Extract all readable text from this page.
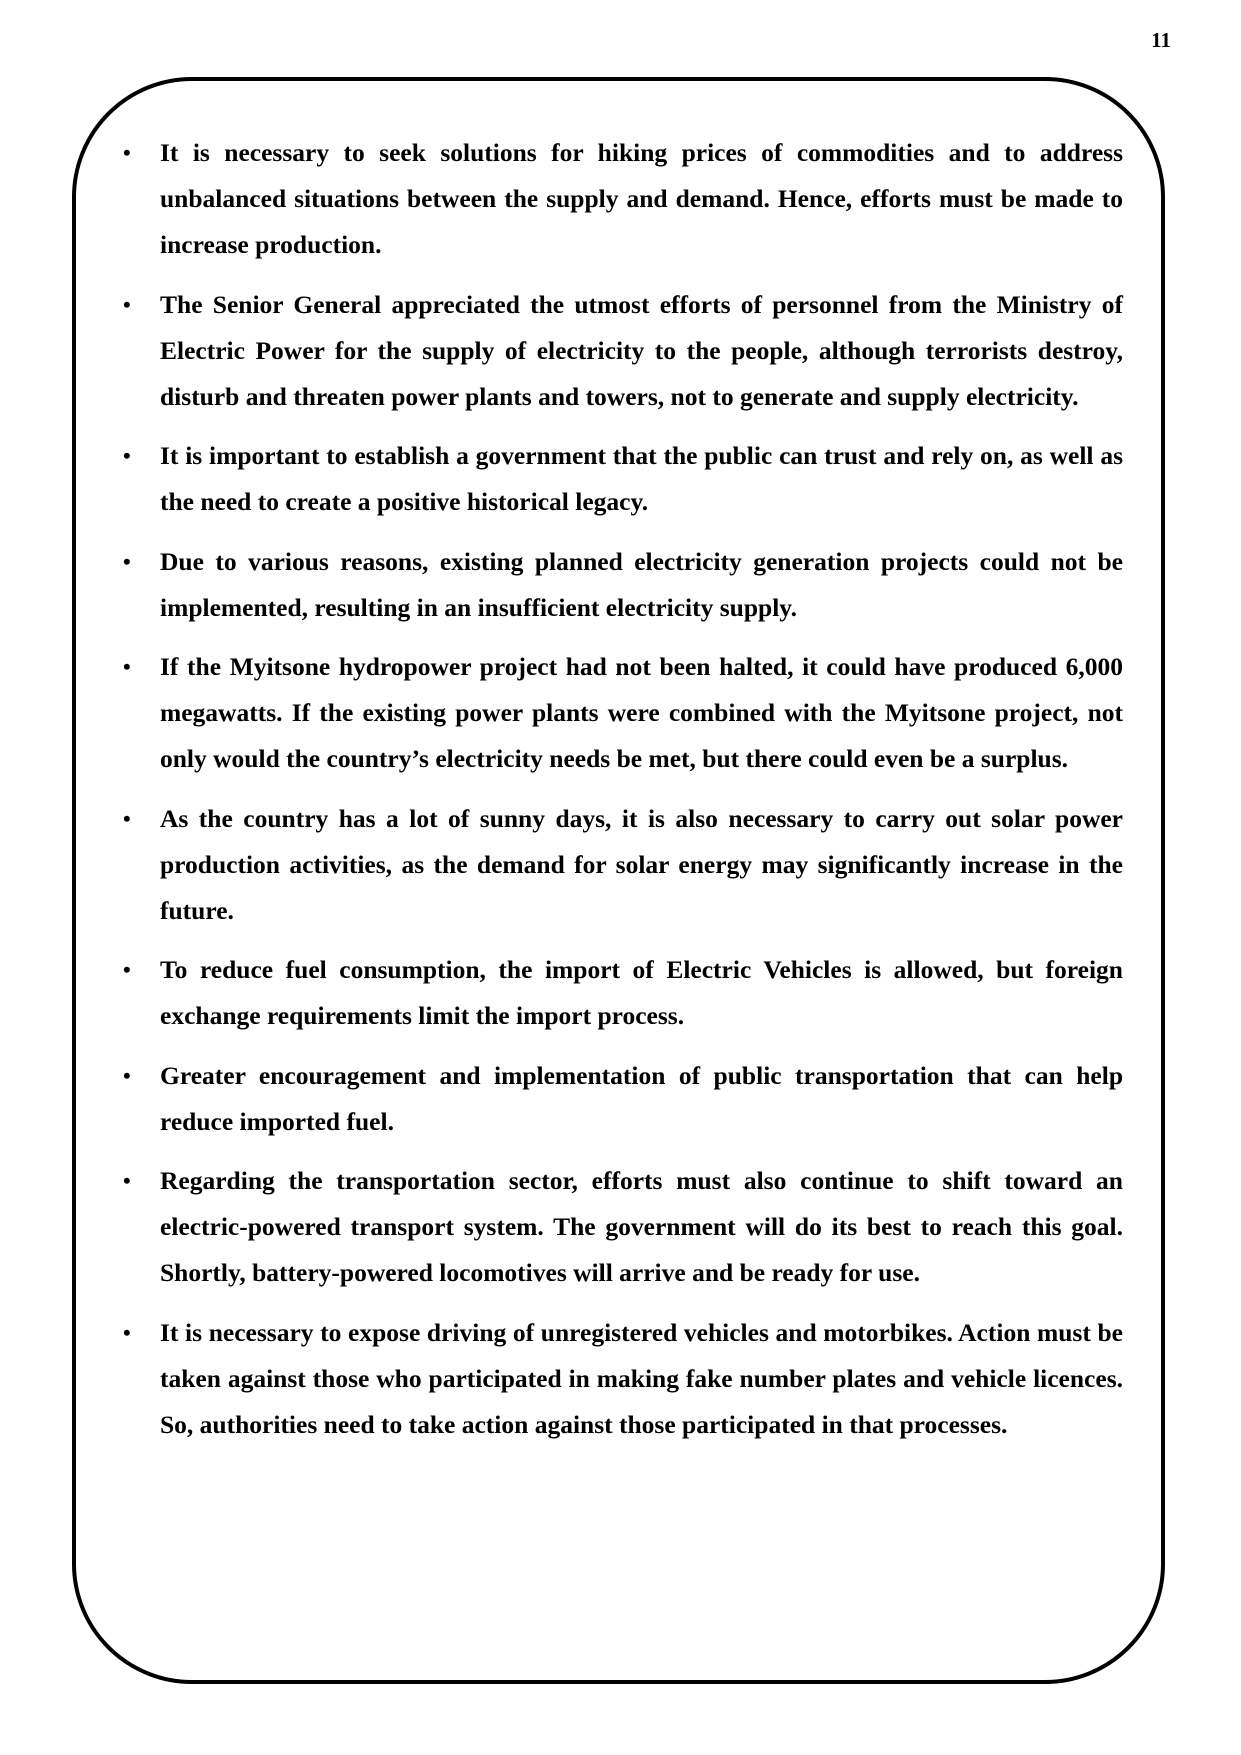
11
• It is necessary to seek solutions for hiking prices of commodities and to address unbalanced situations between the supply and demand. Hence, efforts must be made to increase production.
• The Senior General appreciated the utmost efforts of personnel from the Ministry of Electric Power for the supply of electricity to the people, although terrorists destroy, disturb and threaten power plants and towers, not to generate and supply electricity.
• It is important to establish a government that the public can trust and rely on, as well as the need to create a positive historical legacy.
• Due to various reasons, existing planned electricity generation projects could not be implemented, resulting in an insufficient electricity supply.
• If the Myitsone hydropower project had not been halted, it could have produced 6,000 megawatts. If the existing power plants were combined with the Myitsone project, not only would the country’s electricity needs be met, but there could even be a surplus.
• As the country has a lot of sunny days, it is also necessary to carry out solar power production activities, as the demand for solar energy may significantly increase in the future.
• To reduce fuel consumption, the import of Electric Vehicles is allowed, but foreign exchange requirements limit the import process.
• Greater encouragement and implementation of public transportation that can help reduce imported fuel.
• Regarding the transportation sector, efforts must also continue to shift toward an electric-powered transport system. The government will do its best to reach this goal. Shortly, battery-powered locomotives will arrive and be ready for use.
• It is necessary to expose driving of unregistered vehicles and motorbikes. Action must be taken against those who participated in making fake number plates and vehicle licences. So, authorities need to take action against those participated in that processes.
